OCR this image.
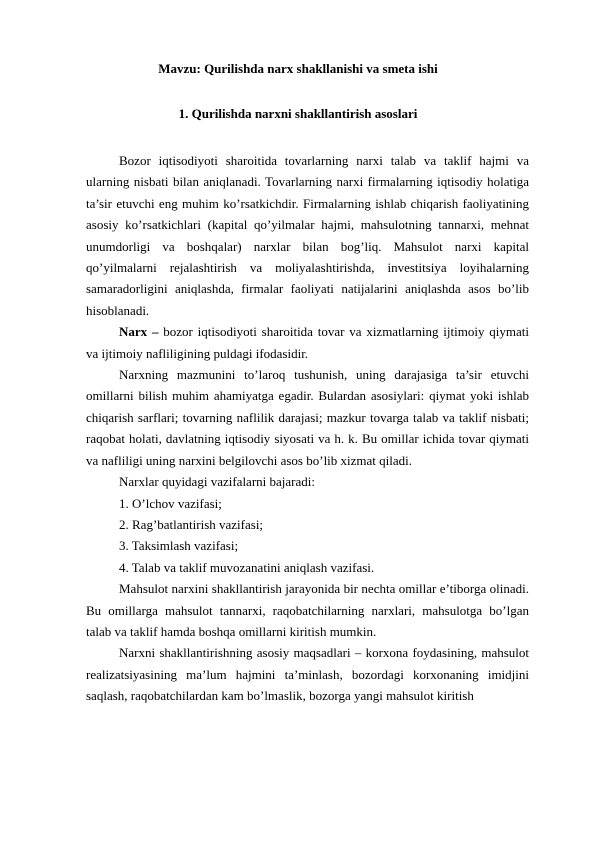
Mavzu: Qurilishda narx shakllanishi va smeta ishi
1. Qurilishda narxni shakllantirish asoslari

Bozor iqtisodiyoti sharoitida tovarlarning narxi talab va taklif hajmi va ularning nisbati bilan aniqlanadi. Tovarlarning narxi firmalarning iqtisodiy holatiga ta’sir etuvchi eng muhim ko’rsatkichdir. Firmalarning ishlab chiqarish faoliyatining asosiy ko’rsatkichlari (kapital qo’yilmalar hajmi, mahsulotning tannarxi, mehnat unumdorligi va boshqalar) narxlar bilan bog’liq. Mahsulot narxi kapital qo’yilmalarni rejalashtirish va moliyalashtirishda, investitsiya loyihalarning samaradorligini aniqlashda, firmalar faoliyati natijalarini aniqlashda asos bo’lib hisoblanadi.

Narx – bozor iqtisodiyoti sharoitida tovar va xizmatlarning ijtimoiy qiymati va ijtimoiy nafliligining puldagi ifodasidir.

Narxning mazmunini to’laroq tushunish, uning darajasiga ta’sir etuvchi omillarni bilish muhim ahamiyatga egadir. Bulardan asosiylari: qiymat yoki ishlab chiqarish sarflari; tovarning naflilik darajasi; mazkur tovarga talab va taklif nisbati; raqobat holati, davlatning iqtisodiy siyosati va h. k. Bu omillar ichida tovar qiymati va nafliligi uning narxini belgilovchi asos bo’lib xizmat qiladi.

Narxlar quyidagi vazifalarni bajaradi:

1. O’lchov vazifasi;

2. Rag’batlantirish vazifasi;

3. Taksimlash vazifasi;

4. Talab va taklif muvozanatini aniqlash vazifasi.

Mahsulot narxini shakllantirish jarayonida bir nechta omillar e’tiborga olinadi. Bu omillarga mahsulot tannarxi, raqobatchilarning narxlari, mahsulotga bo’lgan talab va taklif hamda boshqa omillarni kiritish mumkin.

Narxni shakllantirishning asosiy maqsadlari – korxona foydasining, mahsulot realizatsiyasining ma’lum hajmini ta’minlash, bozordagi korxonaning imidjini saqlash, raqobatchilardan kam bo’lmaslik, bozorga yangi mahsulot kiritish
